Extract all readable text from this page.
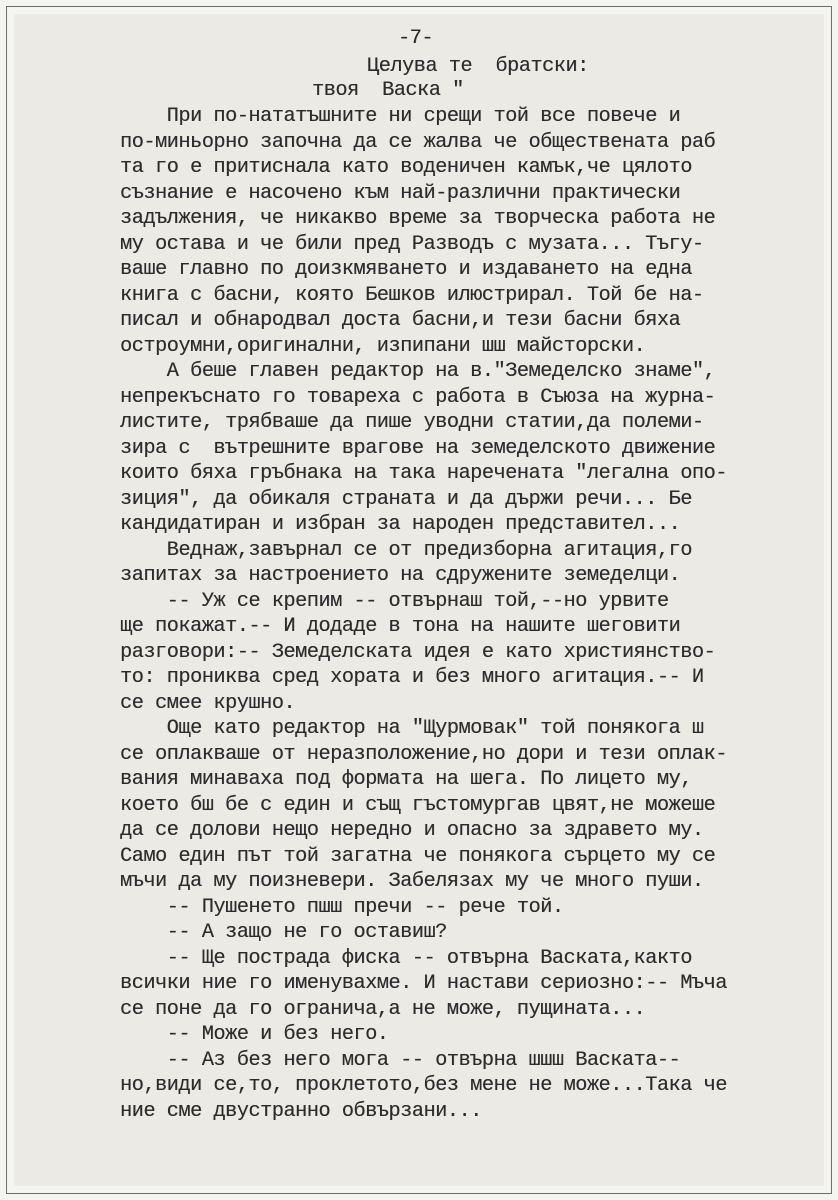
-7-
Целува те  братски:
твоя  Васка "
При по-нататъшните ни срещи той все повече и
по-миньорно започна да се жалва че обществената раб
та го е притиснала като воденичен камък,че цялото
съзнание е насочено към най-различни практически
задължения, че никакво време за творческа работа не
му остава и че били пред Разводъ с музата... Тъгу-
ваше главно по доизкмяването и издаването на една
книга с басни, която Бешков илюстрирал. Той бе на-
писал и обнародвал доста басни,и тези басни бяха
остроумни,оригинални, изпипани шш майсторски.
А беше главен редактор на в."Земеделско знаме",
непрекъснато го товареха с работа в Съюза на журна-
листите, трябваше да пише уводни статии,да полеми-
зира с  вътрешните врагове на земеделското движение
които бяха гръбнака на така наречената "легална опо-
зиция", да обикаля страната и да държи речи... Бе
кандидатиран и избран за народен представител...
Веднаж,завърнал се от предизборна агитация,го
запитах за настроението на сдружените земеделци.
-- Уж се крепим -- отвърнаш той,--но урвите
ще покажат.-- И додаде в тона на нашите шеговити
разговори:-- Земеделската идея е като християнство-
то: прониква сред хората и без много агитация.-- И
се смее крушно.
Още като редактор на "Щурмовак" той понякога ш
се оплакваше от неразположение,но дори и тези оплак-
вания минаваха под формата на шега. По лицето му,
което бш бе с един и същ гъстомургав цвят,не можеше
да се долови нещо нередно и опасно за здравето му.
Само един път той загатна че понякога сърцето му се
мъчи да му поизневери. Забелязах му че много пуши.
-- Пушенето пшш пречи -- рече той.
-- А защо не го оставиш?
-- Ще пострада фиска -- отвърна Васката,както
всички ние го именувахме. И настави сериозно:-- Мъча
се поне да го ограничa,а не може, пущината...
-- Може и без него.
-- Аз без него мога -- отвърна шшш Васката--
но,види се,то, проклетото,без мене не може...Така че
ние сме двустранно обвързани...
